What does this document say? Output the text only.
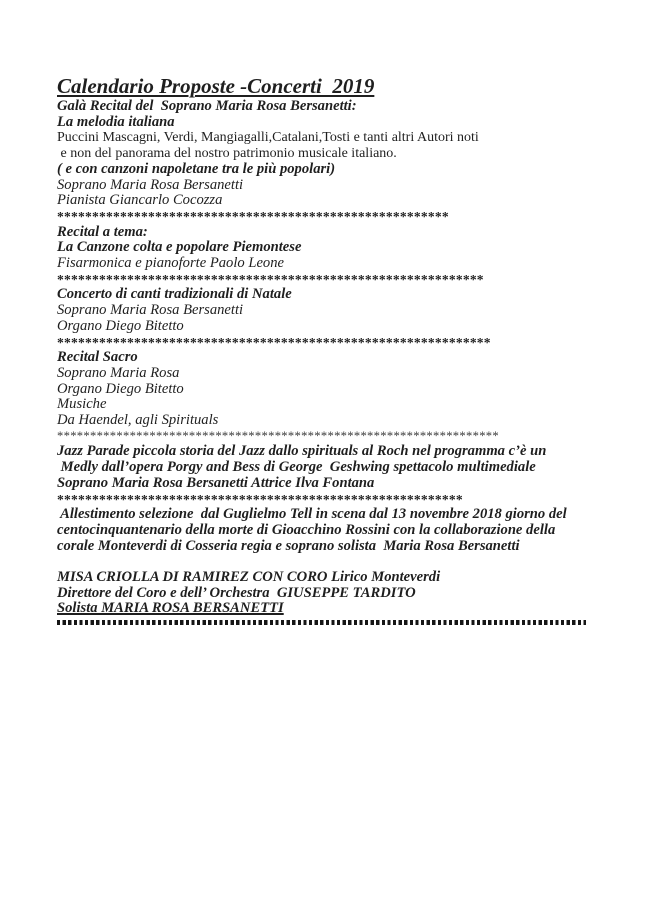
Calendario Proposte -Concerti  2019
Galà Recital del  Soprano Maria Rosa Bersanetti:
La melodia italiana
Puccini Mascagni, Verdi, Mangiagalli,Catalani,Tosti e tanti altri Autori noti
e non del panorama del nostro patrimonio musicale italiano.
( e con canzoni napoletane tra le più popolari)
Soprano Maria Rosa Bersanetti
Pianista Giancarlo Cocozza
********************************************************
Recital a tema:
La Canzone colta e popolare Piemontese
Fisarmonica e pianoforte Paolo Leone
*************************************************************
Concerto di canti tradizionali di Natale
Soprano Maria Rosa Bersanetti
Organo Diego Bitetto
**************************************************************
Recital Sacro
Soprano Maria Rosa
Organo Diego Bitetto
Musiche
Da Haendel, agli Spirituals
*******************************************************************
Jazz Parade piccola storia del Jazz dallo spirituals al Roch nel programma c’è un
Medly dall’opera Porgy and Bess di George  Geshwing spettacolo multimediale
Soprano Maria Rosa Bersanetti Attrice Ilva Fontana
**********************************************************
Allestimento selezione  dal Guglielmo Tell in scena dal 13 novembre 2018 giorno del
centocinquantenario della morte di Gioacchino Rossini con la collaborazione della
corale Monteverdi di Cosseria regia e soprano solista  Maria Rosa Bersanetti
MISA CRIOLLA DI RAMIREZ CON CORO Lirico Monteverdi
Direttore del Coro e dell’ Orchestra  GIUSEPPE TARDITO
Solista MARIA ROSA BERSANETTI
